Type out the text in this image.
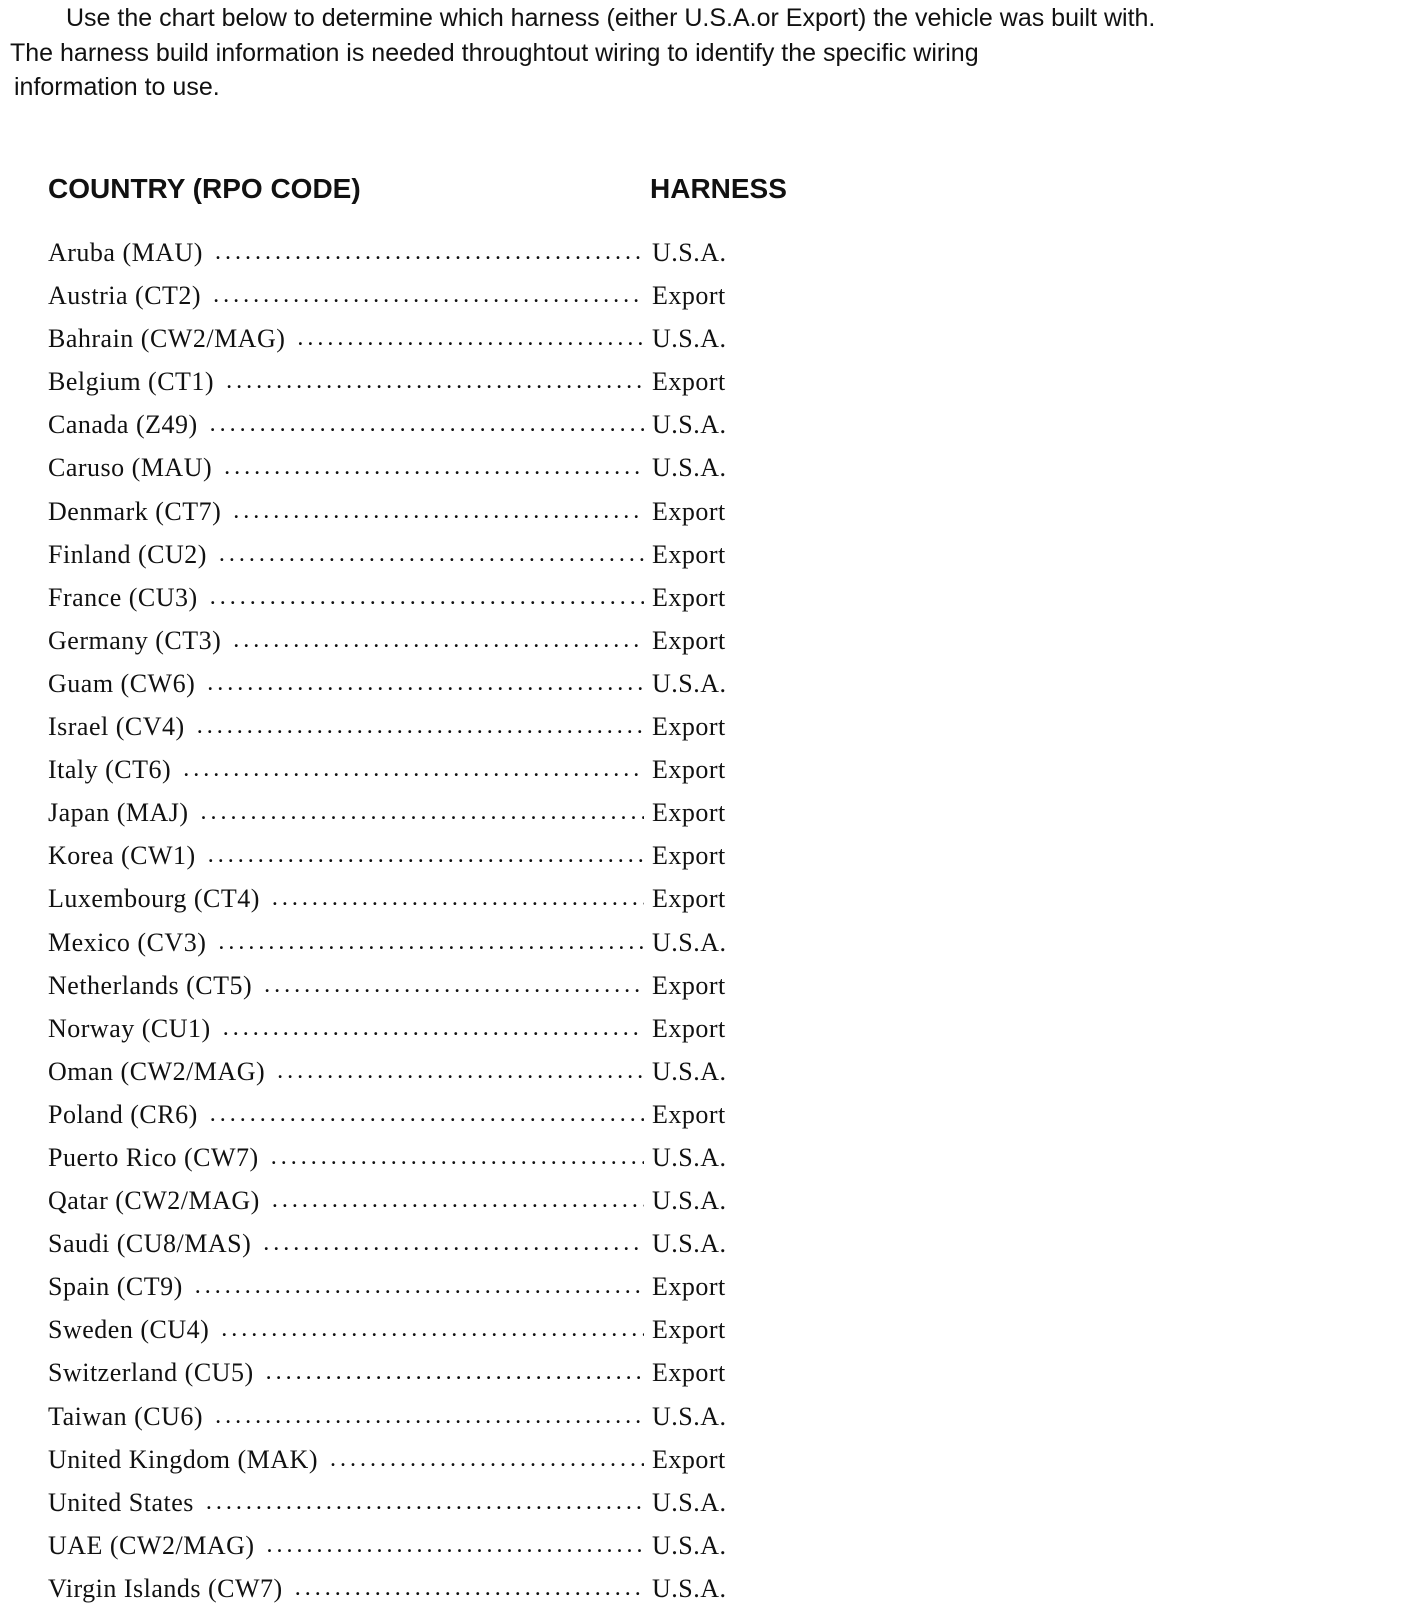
Use the chart below to determine which harness (either U.S.A.or Export) the vehicle was built with.
The harness build information is needed throughtout wiring to identify the specific wiring
information to use.
COUNTRY (RPO CODE)	HARNESS
Aruba (MAU) . . .	U.S.A.
Austria (CT2) . . .	Export
Bahrain (CW2/MAG) . . .	U.S.A.
Belgium (CT1) . . .	Export
Canada (Z49) . . .	U.S.A.
Caruso (MAU) . . .	U.S.A.
Denmark (CT7) . . .	Export
Finland (CU2) . . .	Export
France (CU3) . . .	Export
Germany (CT3) . . .	Export
Guam (CW6) . . .	U.S.A.
Israel (CV4) . . .	Export
Italy (CT6) . . .	Export
Japan (MAJ) . . .	Export
Korea (CW1) . . .	Export
Luxembourg (CT4) . . .	Export
Mexico (CV3) . . .	U.S.A.
Netherlands (CT5) . . .	Export
Norway (CU1) . . .	Export
Oman (CW2/MAG) . . .	U.S.A.
Poland (CR6) . . .	Export
Puerto Rico (CW7) . . .	U.S.A.
Qatar (CW2/MAG) . . .	U.S.A.
Saudi (CU8/MAS) . . .	U.S.A.
Spain (CT9) . . .	Export
Sweden (CU4) . . .	Export
Switzerland (CU5) . . .	Export
Taiwan (CU6) . . .	U.S.A.
United Kingdom (MAK) . . .	Export
United States . . .	U.S.A.
UAE (CW2/MAG) . . .	U.S.A.
Virgin Islands (CW7) . . .	U.S.A.
